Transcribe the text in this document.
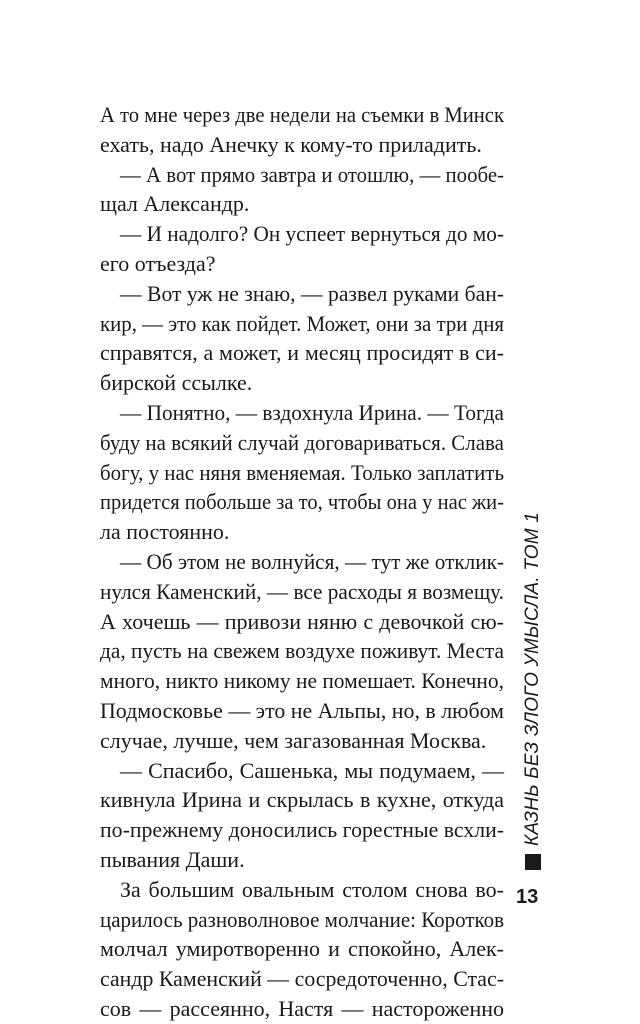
А то мне через две недели на съемки в Минск
ехать, надо Анечку к кому-то приладить.
— А вот прямо завтра и отошлю, — пообе-
щал Александр.
— И надолго? Он успеет вернуться до мо-
его отъезда?
— Вот уж не знаю, — развел руками бан-
кир, — это как пойдет. Может, они за три дня
справятся, а может, и месяц просидят в си-
бирской ссылке.
— Понятно, — вздохнула Ирина. — Тогда
буду на всякий случай договариваться. Слава
богу, у нас няня вменяемая. Только заплатить
придется побольше за то, чтобы она у нас жи-
ла постоянно.
— Об этом не волнуйся, — тут же отклик-
нулся Каменский, — все расходы я возмещу.
А хочешь — привози няню с девочкой сю-
да, пусть на свежем воздухе поживут. Места
много, никто никому не помешает. Конечно,
Подмосковье — это не Альпы, но, в любом
случае, лучше, чем загазованная Москва.
— Спасибо, Сашенька, мы подумаем, —
кивнула Ирина и скрылась в кухне, откуда
по-прежнему доносились горестные всхли-
пывания Даши.
За большим овальным столом снова во-
царилось разноволновое молчание: Коротков
молчал умиротворенно и спокойно, Алек-
сандр Каменский — сосредоточенно, Стас-
сов — рассеянно, Настя — настороженно
КАЗНЬ БЕЗ ЗЛОГО УМЫСЛА. ТОМ 1
13
